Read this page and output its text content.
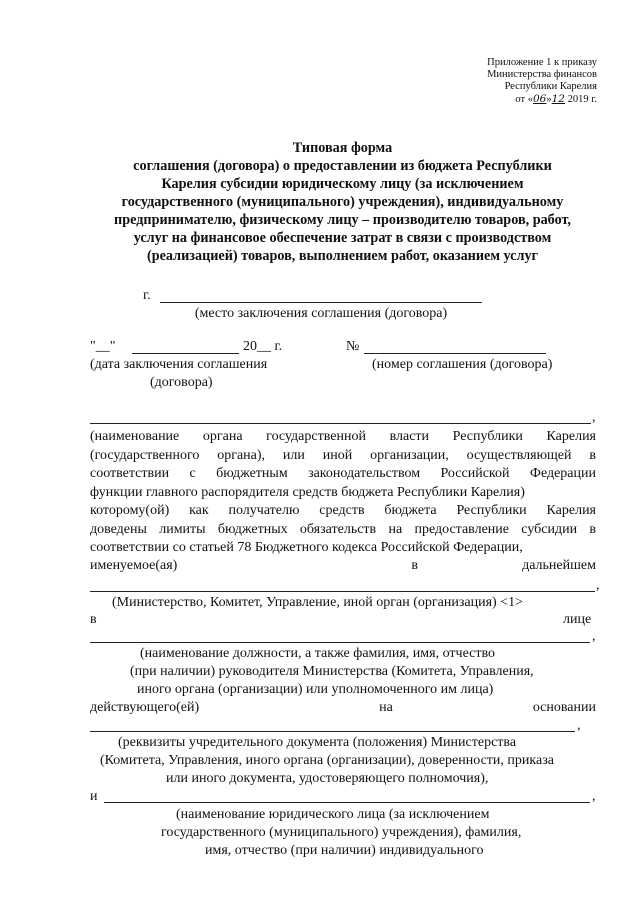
Приложение 1 к приказу
Министерства финансов
Республики Карелия
от «06»12 2019 г.
Типовая форма
соглашения (договора) о предоставлении из бюджета Республики
Карелия субсидии юридическому лицу (за исключением
государственного (муниципального) учреждения), индивидуальному
предпринимателю, физическому лицу – производителю товаров, работ,
услуг на финансовое обеспечение затрат в связи с производством
(реализацией) товаров, выполнением работ, оказанием услуг
г.
(место заключения соглашения (договора)
"__"	20__ г.	№
(дата заключения соглашения
(договора)
(номер соглашения (договора)
,
(наименование органа государственной власти Республики Карелия
(государственного органа), или иной организации, осуществляющей в
соответствии с бюджетным законодательством Российской Федерации
функции главного распорядителя средств бюджета Республики Карелия)
которому(ой) как получателю средств бюджета Республики Карелия
доведены лимиты бюджетных обязательств на предоставление субсидии в
соответствии со статьей 78 Бюджетного кодекса Российской Федерации,
именуемое(ая)	в	дальнейшем
,
(Министерство, Комитет, Управление, иной орган (организация) <1>
в	лице
,
(наименование должности, а также фамилия, имя, отчество
(при наличии) руководителя Министерства (Комитета, Управления,
иного органа (организации) или уполномоченного им лица)
действующего(ей)	на	основании
,
(реквизиты учредительного документа (положения) Министерства
(Комитета, Управления, иного органа (организации), доверенности, приказа
или иного документа, удостоверяющего полномочия),
и	,
(наименование юридического лица (за исключением
государственного (муниципального) учреждения), фамилия,
имя, отчество (при наличии) индивидуального
